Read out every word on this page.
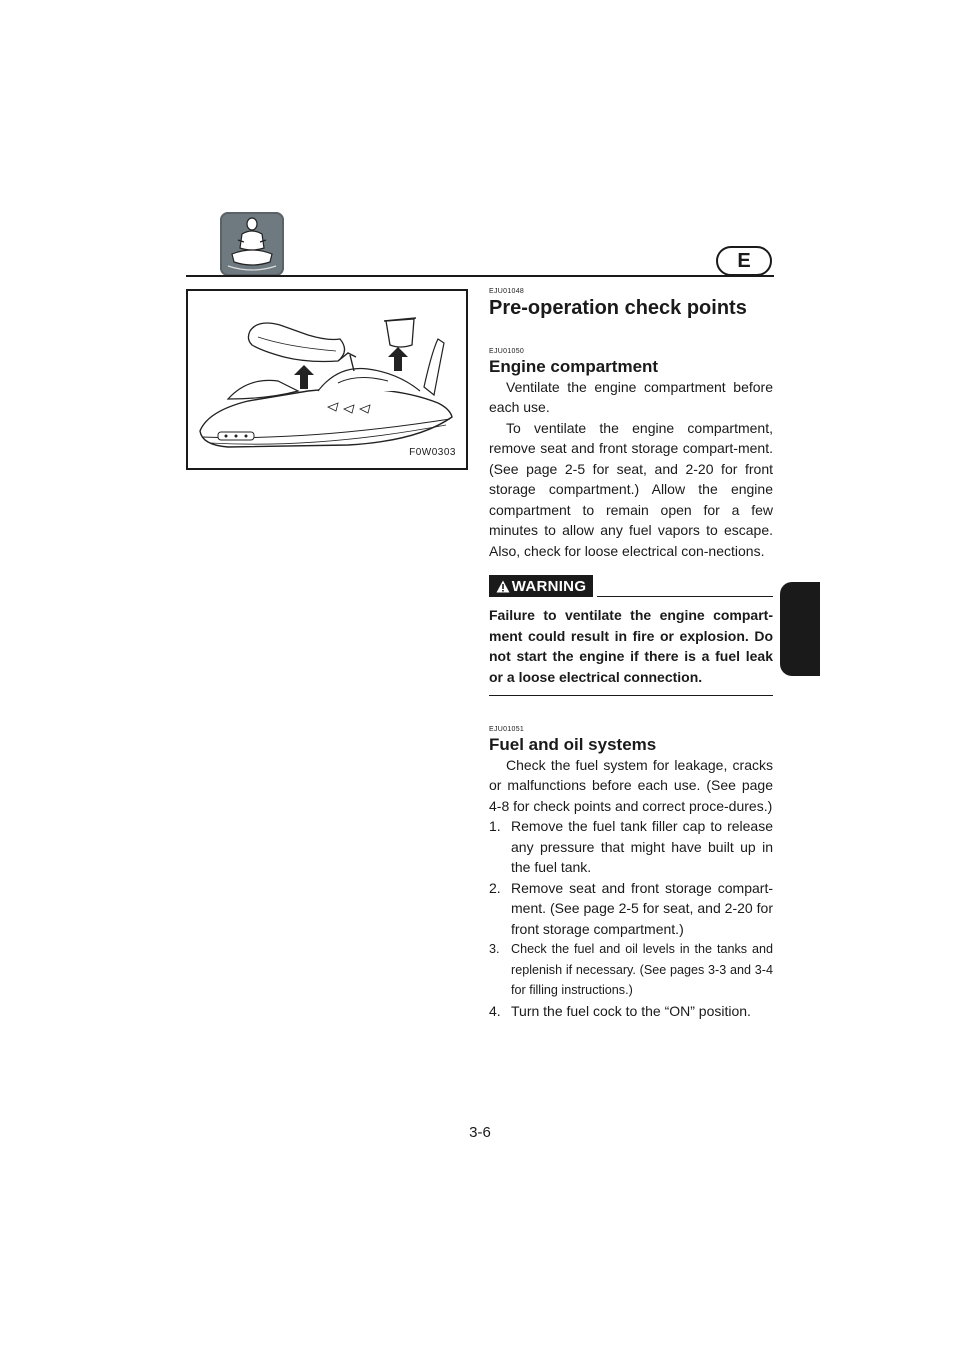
E
F0W0303
EJU01048
Pre-operation check points
EJU01050
Engine compartment

Ventilate the engine compartment before each use.

To ventilate the engine compartment, remove seat and front storage compart-ment. (See page 2-5 for seat, and 2-20 for front storage compartment.) Allow the engine compartment to remain open for a few minutes to allow any fuel vapors to escape. Also, check for loose electrical con-nections.

WARNING

Failure to ventilate the engine compart-ment could result in fire or explosion. Do not start the engine if there is a fuel leak or a loose electrical connection.

EJU01051
Fuel and oil systems

Check the fuel system for leakage, cracks or malfunctions before each use. (See page 4-8 for check points and correct proce-dures.)

1. Remove the fuel tank filler cap to release any pressure that might have built up in the fuel tank.
2. Remove seat and front storage compart-ment. (See page 2-5 for seat, and 2-20 for front storage compartment.)
3. Check the fuel and oil levels in the tanks and replenish if necessary. (See pages 3-3 and 3-4 for filling instructions.)
4. Turn the fuel cock to the “ON” position.
3-6
